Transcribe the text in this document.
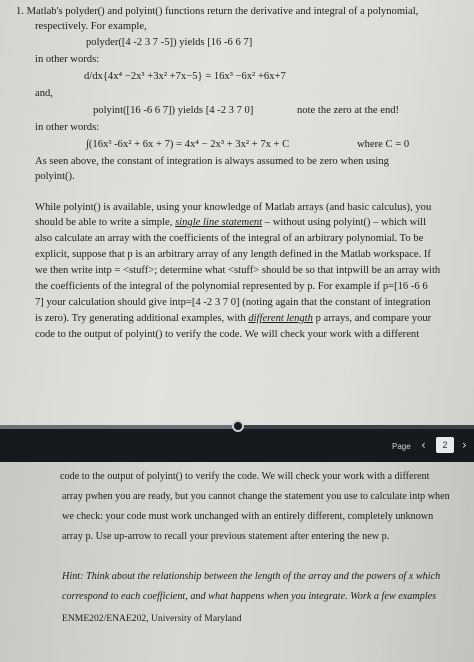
1. Matlab's polyder() and polyint() functions return the derivative and integral of a polynomial,
respectively. For example,
polyder([4 -2 3 7 -5]) yields [16 -6 6 7]
in other words:
d/dx{4x⁴ −2x³ +3x² +7x−5} = 16x³ −6x² +6x+7
and,
polyint([16 -6 6 7]) yields [4 -2 3 7 0]	note the zero at the end!
in other words:
∫(16x³ -6x² + 6x + 7) = 4x⁴ − 2x³ + 3x² + 7x + C	where C = 0
As seen above, the constant of integration is always assumed to be zero when using
polyint().
While polyint() is available, using your knowledge of Matlab arrays (and basic calculus), you
should be able to write a simple, single line statement – without using polyint() – which will
also calculate an array with the coefficients of the integral of an arbitrary polynomial. To be
explicit, suppose that p is an arbitrary array of any length defined in the Matlab workspace. If
we then write intp = <stuff>; determine what <stuff> should be so that intpwill be an array with
the coefficients of the integral of the polynomial represented by p. For example if p=[16 -6 6
7] your calculation should give intp=[4 -2 3 7 0] (noting again that the constant of integration
is zero). Try generating additional examples, with different length p arrays, and compare your
code to the output of polyint() to verify the code. We will check your work with a different
Page ‹	2	›
code to the output of polyint() to verify the code. We will check your work with a different
array pwhen you are ready, but you cannot change the statement you use to calculate intp when
we check: your code must work unchanged with an entirely different, completely unknown
array p. Use up-arrow to recall your previous statement after entering the new p.
Hint: Think about the relationship between the length of the array and the powers of x which
correspond to each coefficient, and what happens when you integrate. Work a few examples
ENME202/ENAE202, University of Maryland
